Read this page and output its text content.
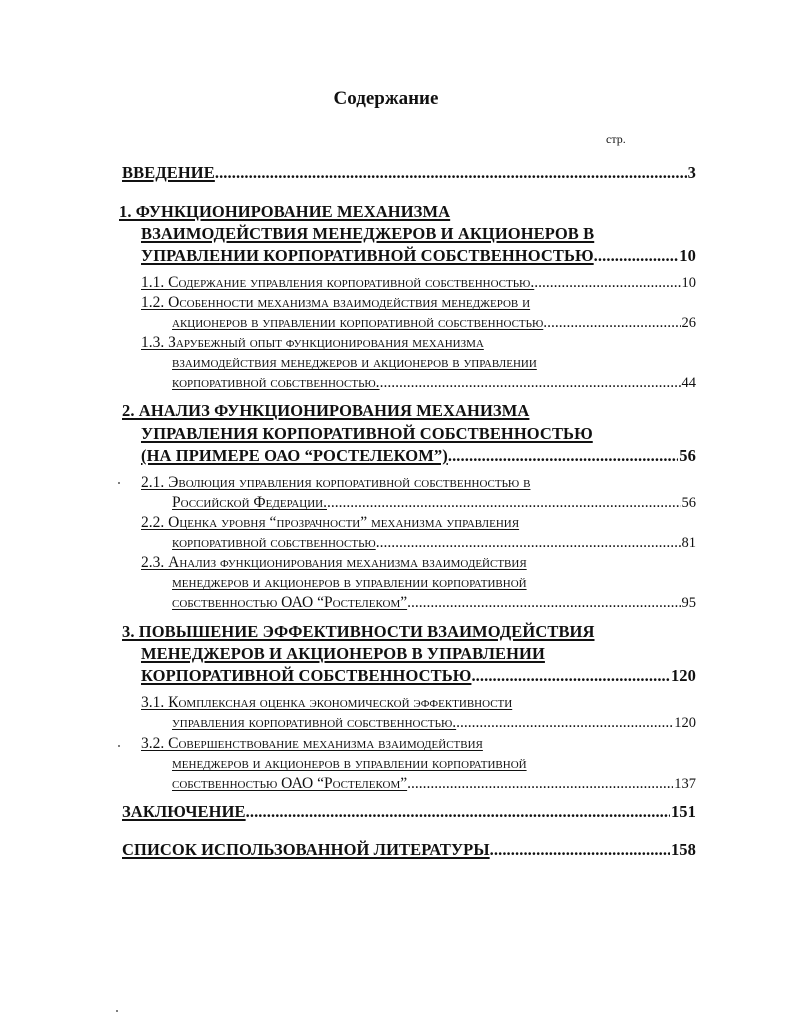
Содержание
стр.
ВВЕДЕНИЕ .....	3
1. ФУНКЦИОНИРОВАНИЕ МЕХАНИЗМА
ВЗАИМОДЕЙСТВИЯ МЕНЕДЖЕРОВ И АКЦИОНЕРОВ В
УПРАВЛЕНИИ КОРПОРАТИВНОЙ СОБСТВЕННОСТЬЮ .....	10
1.1. Содержание управления корпоративной собственностью. .....	10
1.2. Особенности механизма взаимодействия менеджеров и
акционеров в управлении корпоративной собственностью .....	26
1.3. Зарубежный опыт функционирования механизма
взаимодействия менеджеров и акционеров в управлении
корпоративной собственностью. .....	44
2. АНАЛИЗ ФУНКЦИОНИРОВАНИЯ МЕХАНИЗМА
УПРАВЛЕНИЯ КОРПОРАТИВНОЙ СОБСТВЕННОСТЬЮ
(НА ПРИМЕРЕ ОАО “РОСТЕЛЕКОМ”) .....	56
2.1. Эволюция управления корпоративной собственностью в
Российской Федерации. .....	56
2.2. Оценка уровня “прозрачности” механизма управления
корпоративной собственностью .....	81
2.3. Анализ функционирования механизма взаимодействия
менеджеров и акционеров в управлении корпоративной
собственностью ОАО “Ростелеком” .....	95
3. ПОВЫШЕНИЕ ЭФФЕКТИВНОСТИ ВЗАИМОДЕЙСТВИЯ
МЕНЕДЖЕРОВ И АКЦИОНЕРОВ В УПРАВЛЕНИИ
КОРПОРАТИВНОЙ СОБСТВЕННОСТЬЮ .....	120
3.1. Комплексная оценка экономической эффективности
управления корпоративной собственностью. .....	120
3.2. Совершенствование механизма взаимодействия
менеджеров и акционеров в управлении корпоративной
собственностью ОАО “Ростелеком” .....	137
ЗАКЛЮЧЕНИЕ .....	151
СПИСОК ИСПОЛЬЗОВАННОЙ ЛИТЕРАТУРЫ .....	158
